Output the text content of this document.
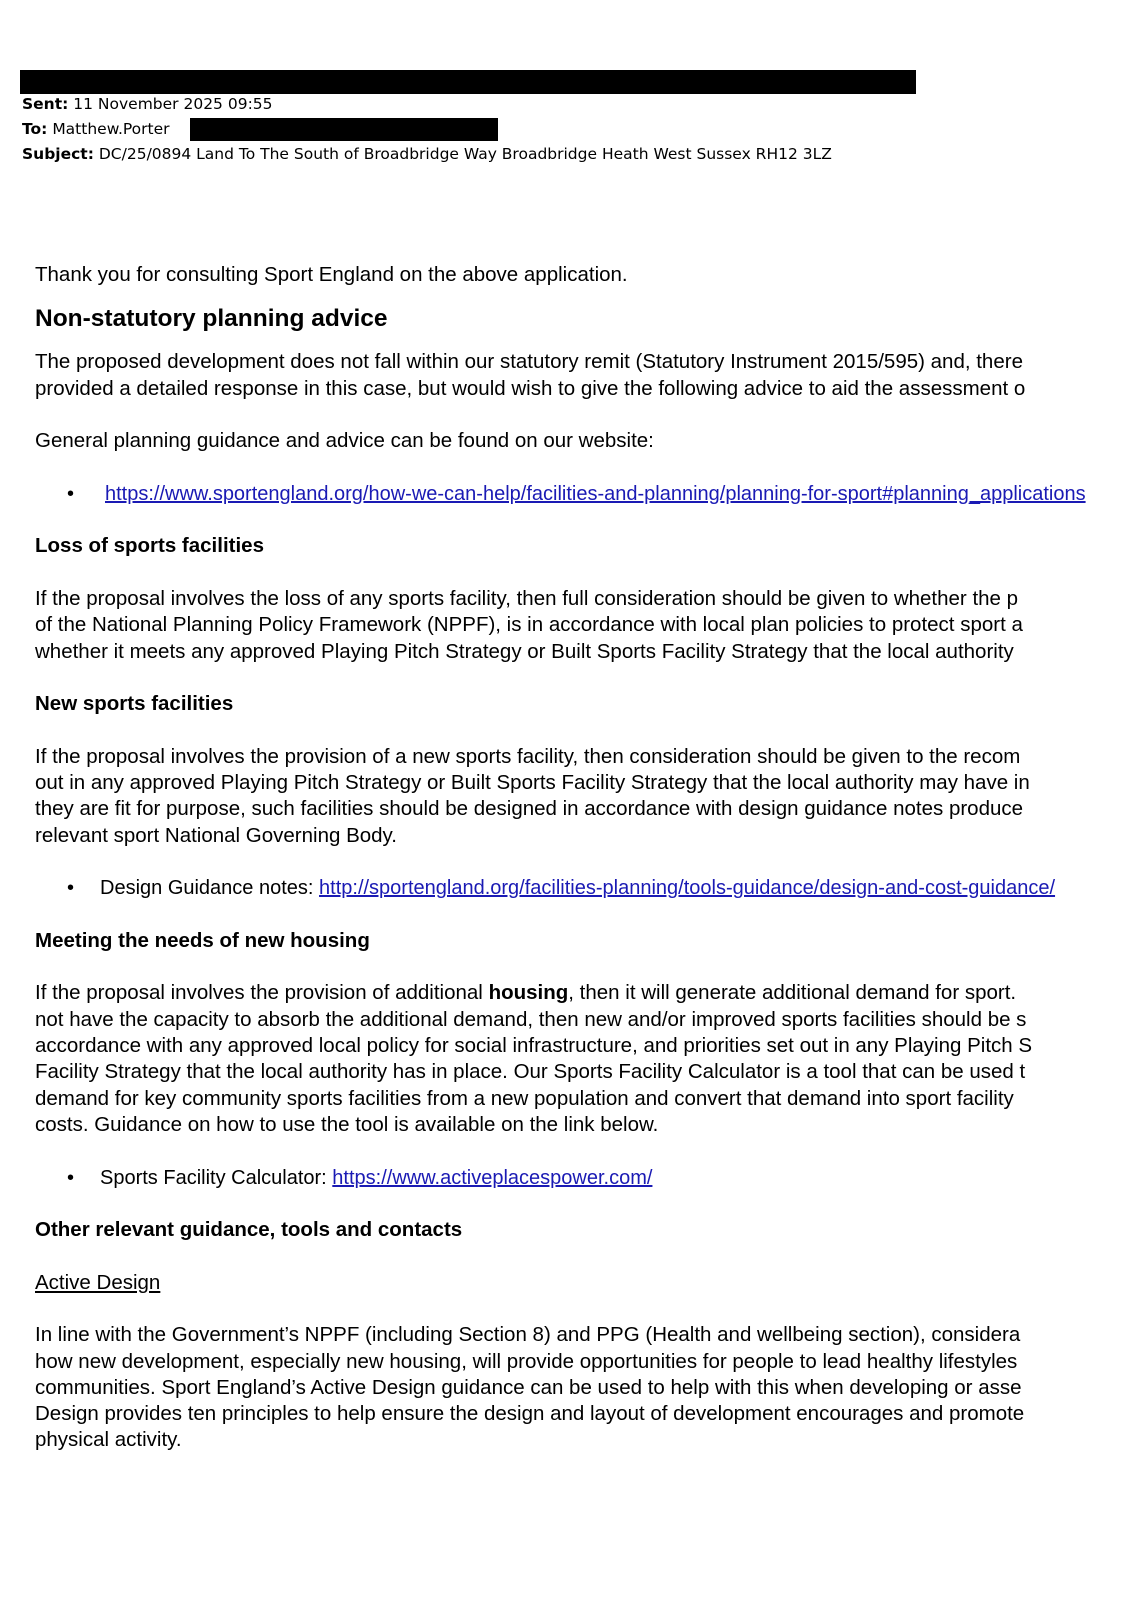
Sent: 11 November 2025 09:55

To: Matthew.Porter

Subject: DC/25/0894 Land To The South of Broadbridge Way Broadbridge Heath West Sussex RH12 3LZ

Thank you for consulting Sport England on the above application.
Non-statutory planning advice
The proposed development does not fall within our statutory remit (Statutory Instrument 2015/595) and, there
provided a detailed response in this case, but would wish to give the following advice to aid the assessment o
General planning guidance and advice can be found on our website:
• https://www.sportengland.org/how-we-can-help/facilities-and-planning/planning-for-sport#planning_applications
Loss of sports facilities
If the proposal involves the loss of any sports facility, then full consideration should be given to whether the p
of the National Planning Policy Framework (NPPF), is in accordance with local plan policies to protect sport a
whether it meets any approved Playing Pitch Strategy or Built Sports Facility Strategy that the local authority
New sports facilities
If the proposal involves the provision of a new sports facility, then consideration should be given to the recom
out in any approved Playing Pitch Strategy or Built Sports Facility Strategy that the local authority may have in
they are fit for purpose, such facilities should be designed in accordance with design guidance notes produce
relevant sport National Governing Body.
• Design Guidance notes: http://sportengland.org/facilities-planning/tools-guidance/design-and-cost-guidance/
Meeting the needs of new housing
If the proposal involves the provision of additional housing, then it will generate additional demand for sport.
not have the capacity to absorb the additional demand, then new and/or improved sports facilities should be s
accordance with any approved local policy for social infrastructure, and priorities set out in any Playing Pitch S
Facility Strategy that the local authority has in place. Our Sports Facility Calculator is a tool that can be used t
demand for key community sports facilities from a new population and convert that demand into sport facility
costs. Guidance on how to use the tool is available on the link below.
• Sports Facility Calculator: https://www.activeplacespower.com/
Other relevant guidance, tools and contacts
Active Design
In line with the Government’s NPPF (including Section 8) and PPG (Health and wellbeing section), considera
how new development, especially new housing, will provide opportunities for people to lead healthy lifestyles
communities. Sport England’s Active Design guidance can be used to help with this when developing or asse
Design provides ten principles to help ensure the design and layout of development encourages and promote
physical activity.
